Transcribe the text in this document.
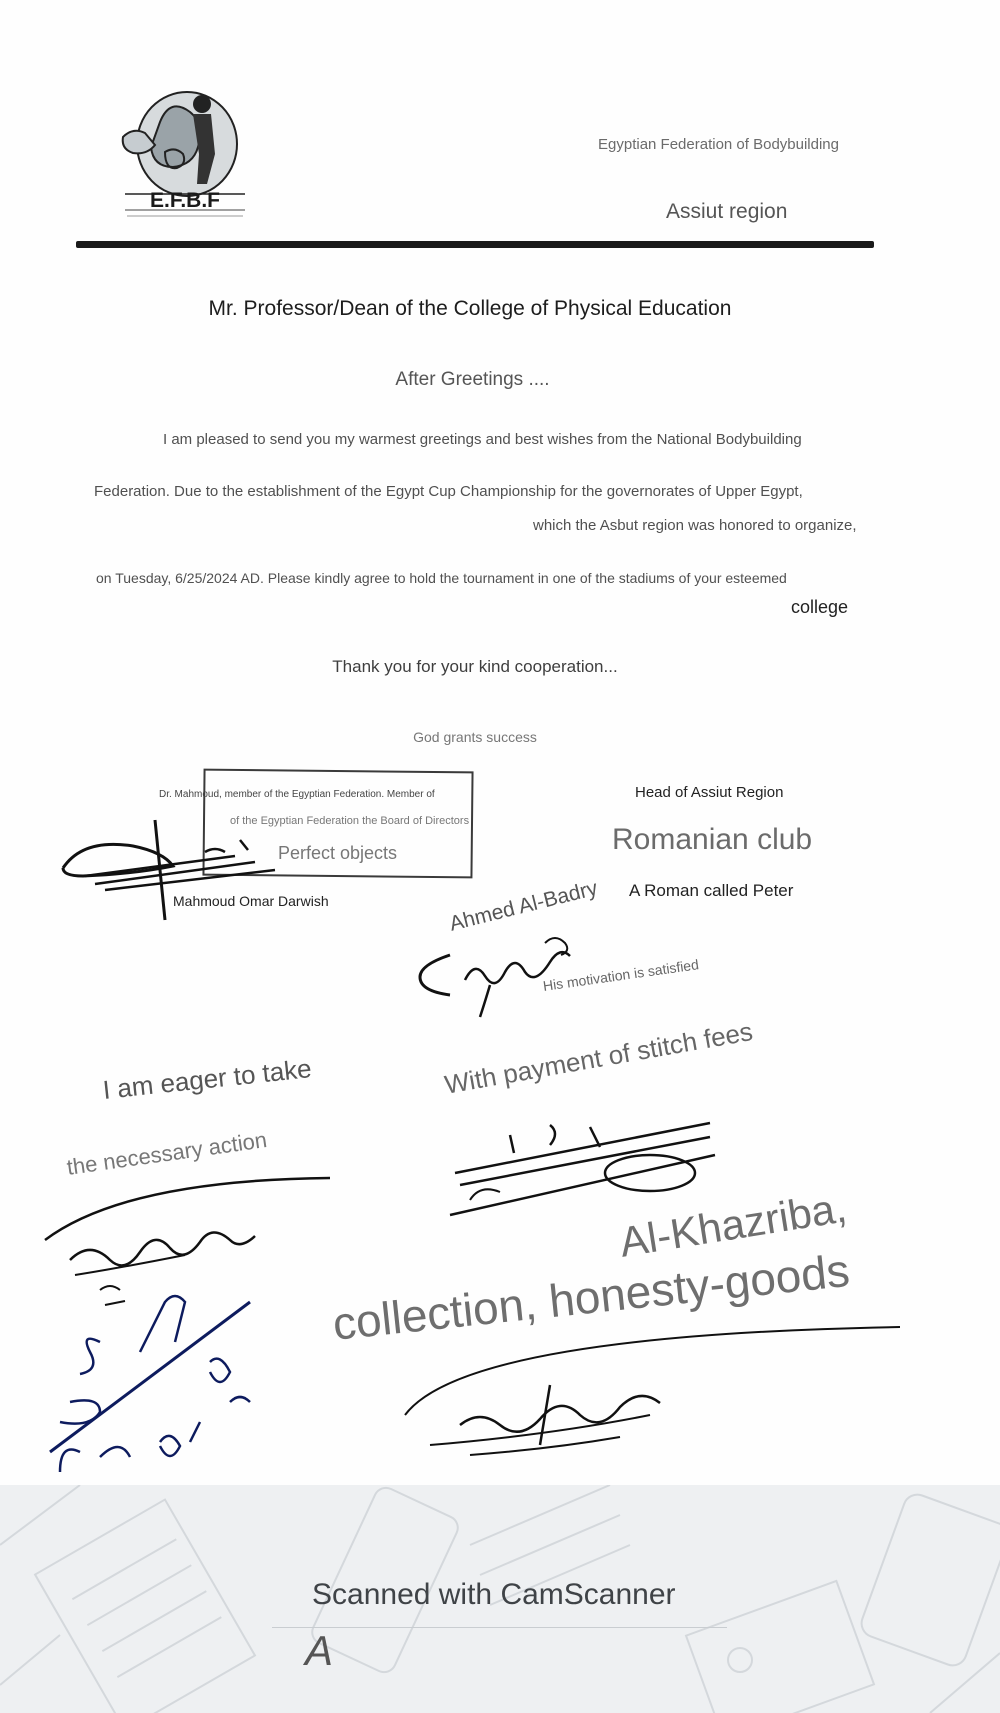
E.F.B.F
Egyptian Federation of Bodybuilding
Assiut region
Mr. Professor/Dean of the College of Physical Education
After Greetings ....
I am pleased to send you my warmest greetings and best wishes from the National Bodybuilding
Federation. Due to the establishment of the Egypt Cup Championship for the governorates of Upper Egypt,
which the Asbut region was honored to organize,
on Tuesday, 6/25/2024 AD. Please kindly agree to hold the tournament in one of the stadiums of your esteemed
college
Thank you for your kind cooperation...
God grants success
Dr. Mahmoud, member of the Egyptian Federation. Member of
of the Egyptian Federation the Board of Directors
Perfect objects
Mahmoud Omar Darwish
Head of Assiut Region
Romanian club
A Roman called Peter
Ahmed Al-Badry
His motivation is satisfied
With payment of stitch fees
I am eager to take
the necessary action
Al-Khazriba,
collection, honesty-goods
Scanned with CamScanner
A
